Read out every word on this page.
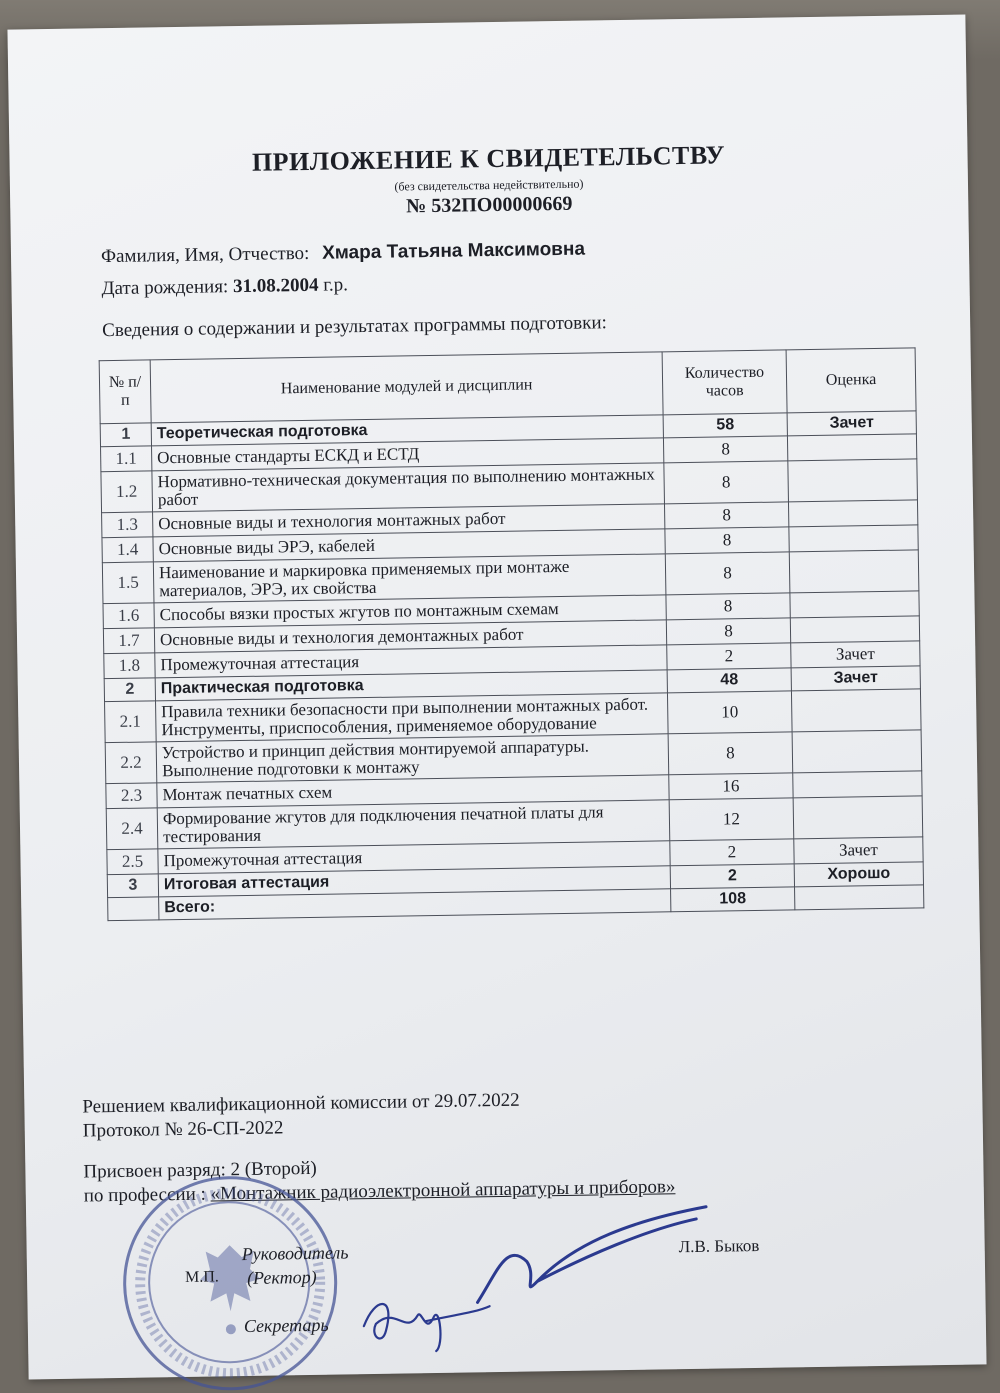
ПРИЛОЖЕНИЕ К СВИДЕТЕЛЬСТВУ
(без свидетельства недействительно)
№ 532ПО00000669
Фамилия, Имя, Отчество: Хмара Татьяна Максимовна
Дата рождения: 31.08.2004 г.р.
Сведения о содержании и результатах программы подготовки:
№ п/п	Наименование модулей и дисциплин	Количество часов	Оценка
1	Теоретическая подготовка	58	Зачет
1.1	Основные стандарты ЕСКД и ЕСТД	8	
1.2	Нормативно-техническая документация по выполнению монтажных работ	8	
1.3	Основные виды и технология монтажных работ	8	
1.4	Основные виды ЭРЭ, кабелей	8	
1.5	Наименование и маркировка применяемых при монтаже материалов, ЭРЭ, их свойства	8	
1.6	Способы вязки простых жгутов по монтажным схемам	8	
1.7	Основные виды и технология демонтажных работ	8	
1.8	Промежуточная аттестация	2	Зачет
2	Практическая подготовка	48	Зачет
2.1	Правила техники безопасности при выполнении монтажных работ. Инструменты, приспособления, применяемое оборудование	10	
2.2	Устройство и принцип действия монтируемой аппаратуры. Выполнение подготовки к монтажу	8	
2.3	Монтаж печатных схем	16	
2.4	Формирование жгутов для подключения печатной платы для тестирования	12	
2.5	Промежуточная аттестация	2	Зачет
3	Итоговая аттестация	2	Хорошо
	Всего:	108	
Решением квалификационной комиссии от 29.07.2022
Протокол № 26-СП-2022
Присвоен разряд: 2 (Второй)
по профессии : «Монтажник радиоэлектронной аппаратуры и приборов»
Руководитель
М.П. (Ректор)
Л.В. Быков
Секретарь
